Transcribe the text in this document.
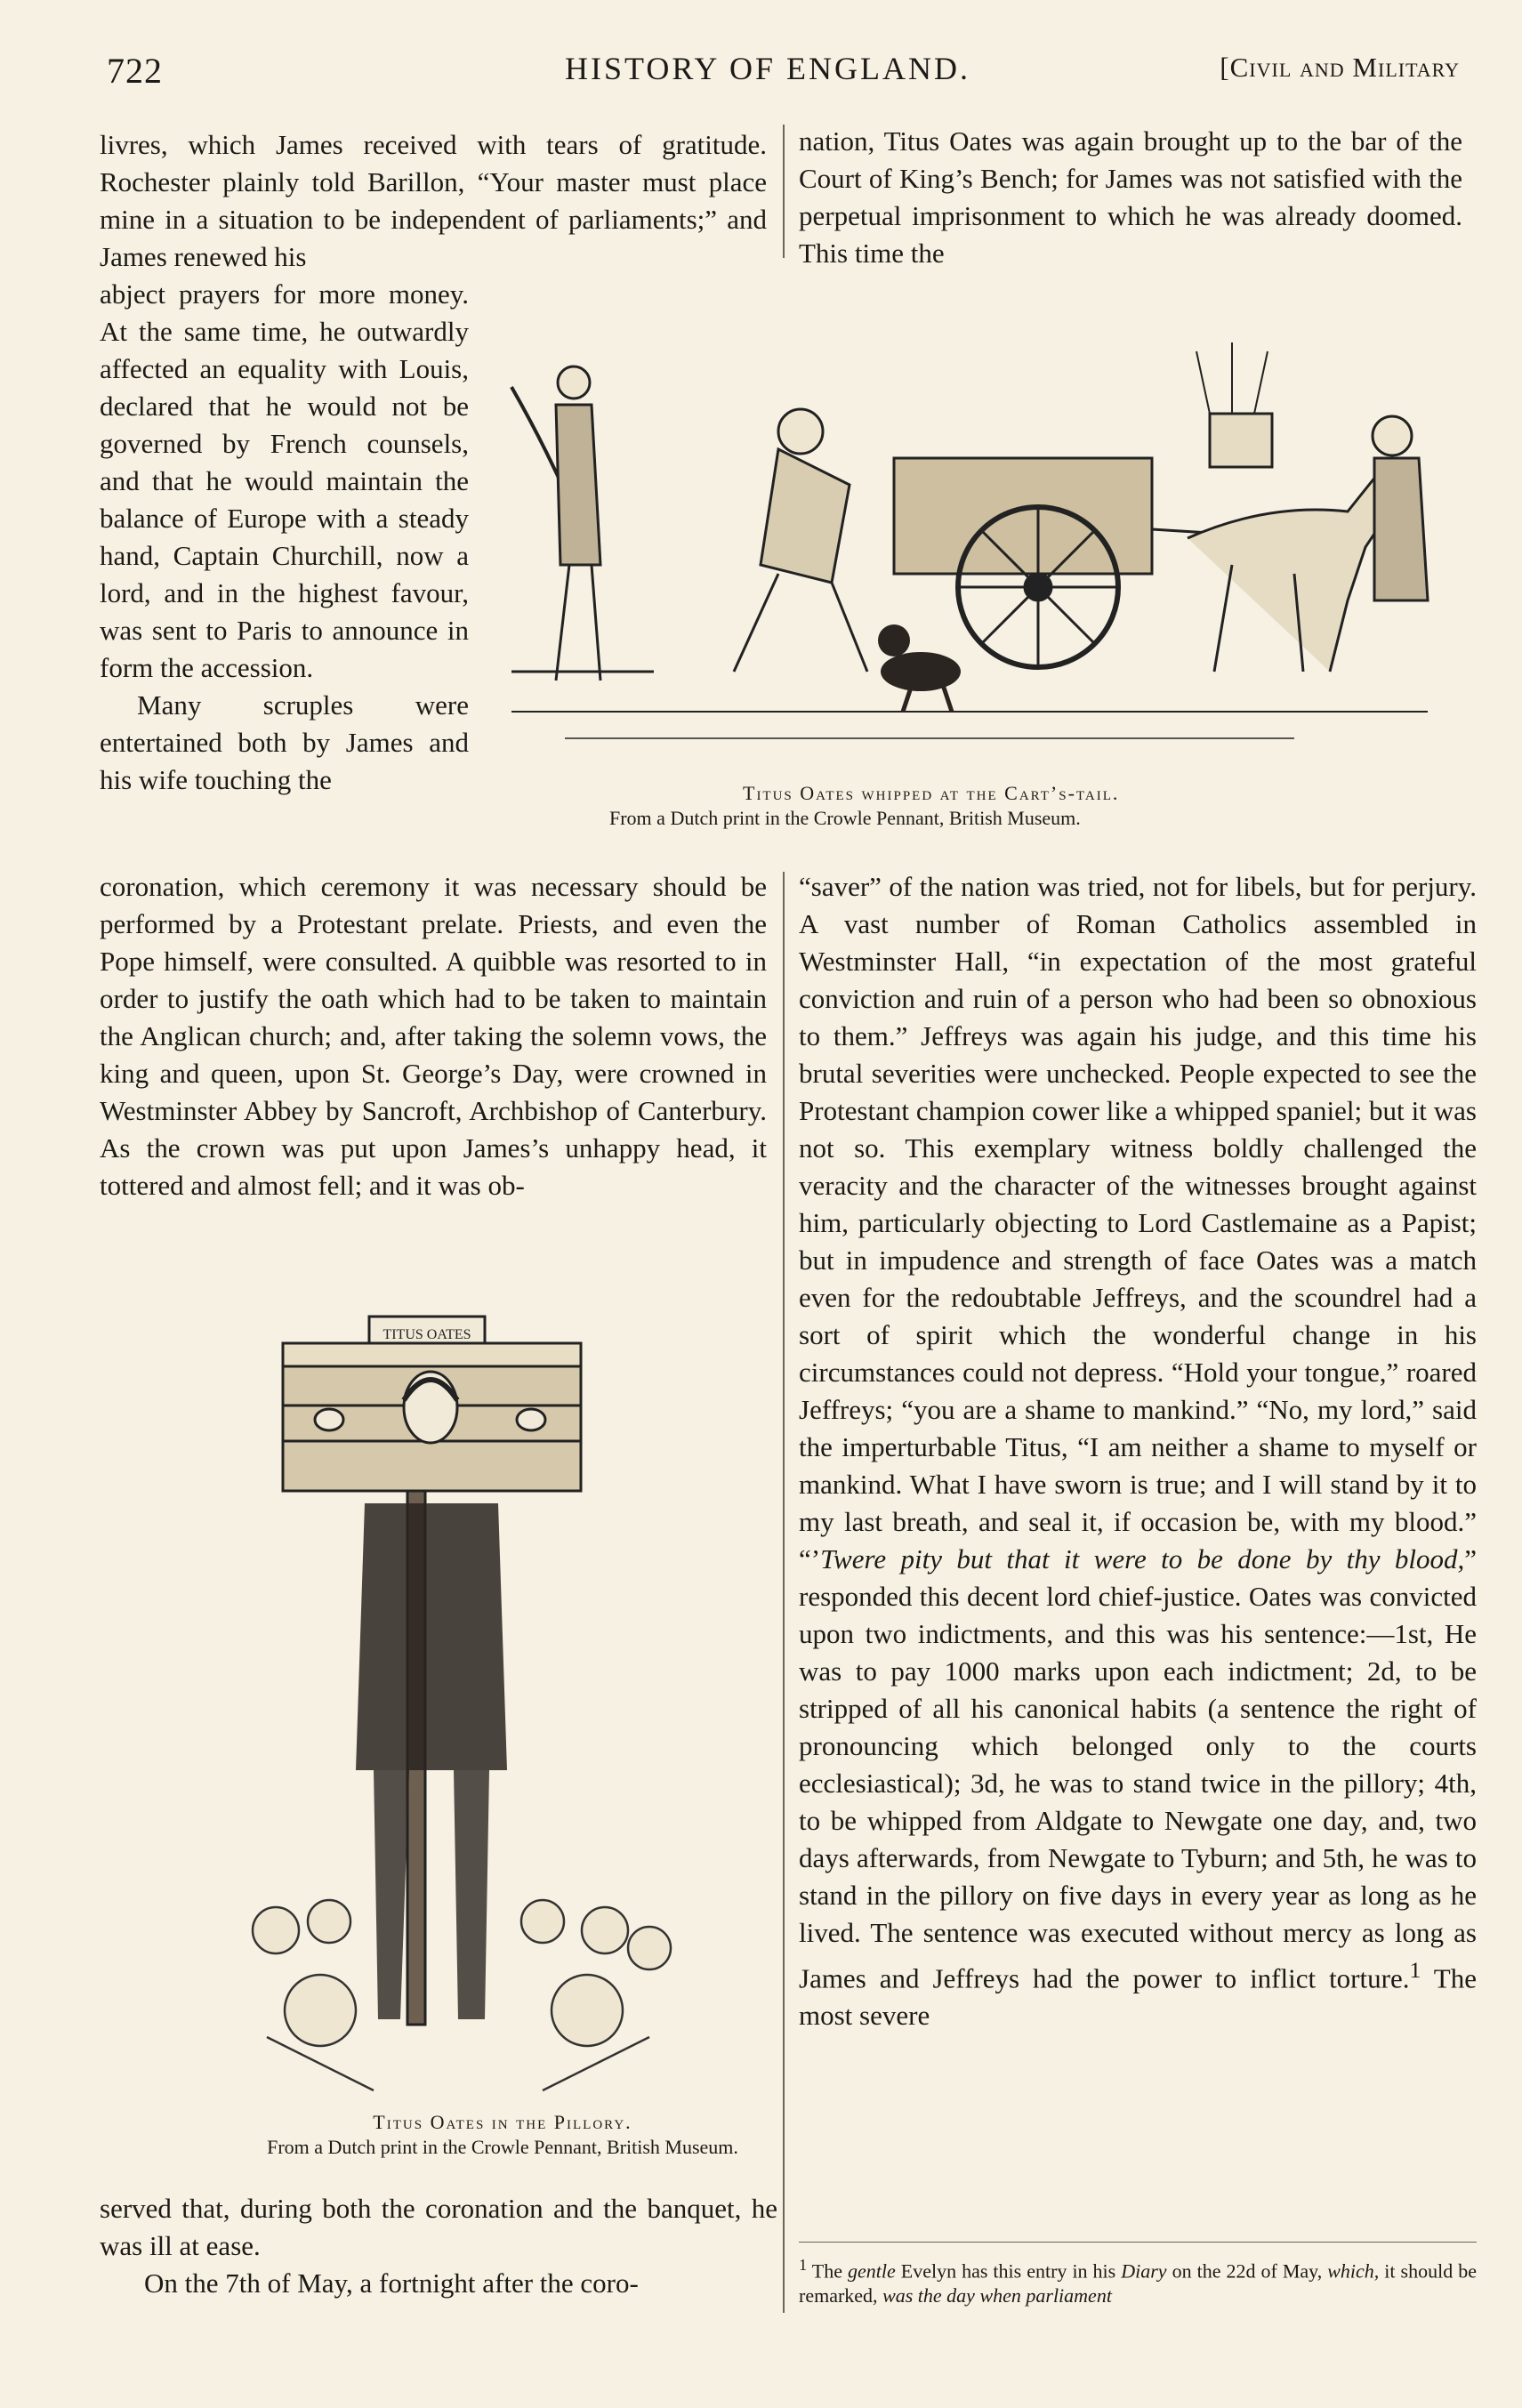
722	HISTORY OF ENGLAND.	[Civil and Military

livres, which James received with tears of gratitude. Rochester plainly told Barillon, “Your master must place mine in a situation to be independent of parliaments;” and James renewed his

abject prayers for more money. At the same time, he outwardly affected an equality with Louis, declared that he would not be governed by French counsels, and that he would maintain the balance of Europe with a steady hand, Captain Churchill, now a lord, and in the highest favour, was sent to Paris to announce in form the accession.

Many scruples were entertained both by James and his wife touching the

coronation, which ceremony it was necessary should be performed by a Protestant prelate. Priests, and even the Pope himself, were consulted. A quibble was resorted to in order to justify the oath which had to be taken to maintain the Anglican church; and, after taking the solemn vows, the king and queen, upon St. George’s Day, were crowned in Westminster Abbey by Sancroft, Archbishop of Canterbury. As the crown was put upon James’s unhappy head, it tottered and almost fell; and it was ob-

TITUS OATES
Titus Oates in the Pillory.
From a Dutch print in the Crowle Pennant, British Museum.

served that, during both the coronation and the banquet, he was ill at ease.

On the 7th of May, a fortnight after the coro-

Titus Oates whipped at the Cart’s-tail.
From a Dutch print in the Crowle Pennant, British Museum.

nation, Titus Oates was again brought up to the bar of the Court of King’s Bench; for James was not satisfied with the perpetual imprisonment to which he was already doomed. This time the

“saver” of the nation was tried, not for libels, but for perjury. A vast number of Roman Catholics assembled in Westminster Hall, “in expectation of the most grateful conviction and ruin of a person who had been so obnoxious to them.” Jeffreys was again his judge, and this time his brutal severities were unchecked. People expected to see the Protestant champion cower like a whipped spaniel; but it was not so. This exemplary witness boldly challenged the veracity and the character of the witnesses brought against him, particularly objecting to Lord Castlemaine as a Papist; but in impudence and strength of face Oates was a match even for the redoubtable Jeffreys, and the scoundrel had a sort of spirit which the wonderful change in his circumstances could not depress. “Hold your tongue,” roared Jeffreys; “you are a shame to mankind.” “No, my lord,” said the imperturbable Titus, “I am neither a shame to myself or mankind. What I have sworn is true; and I will stand by it to my last breath, and seal it, if occasion be, with my blood.” “’Twere pity but that it were to be done by thy blood,” responded this decent lord chief-justice. Oates was convicted upon two indictments, and this was his sentence:—1st, He was to pay 1000 marks upon each indictment; 2d, to be stripped of all his canonical habits (a sentence the right of pronouncing which belonged only to the courts ecclesiastical); 3d, he was to stand twice in the pillory; 4th, to be whipped from Aldgate to Newgate one day, and, two days afterwards, from Newgate to Tyburn; and 5th, he was to stand in the pillory on five days in every year as long as he lived. The sentence was executed without mercy as long as James and Jeffreys had the power to inflict torture.$^1$ The most severe

$^1$ The gentle Evelyn has this entry in his Diary on the 22d of May, which, it should be remarked, was the day when parliament
